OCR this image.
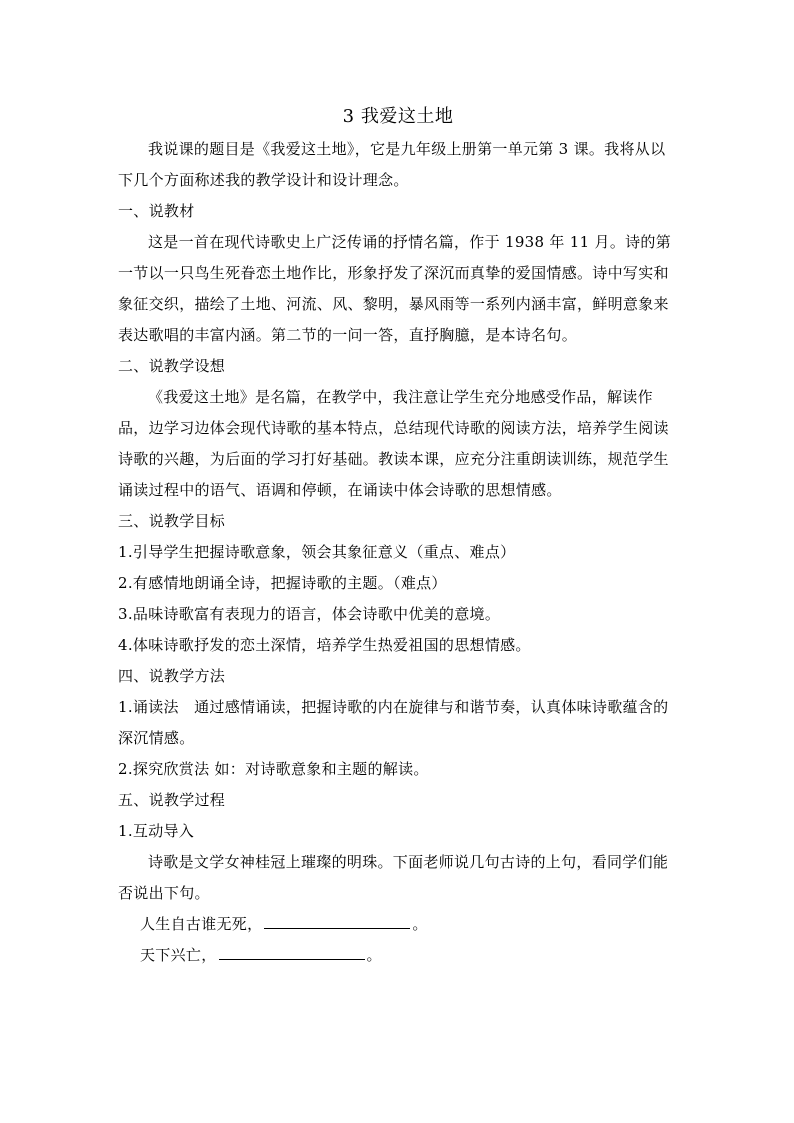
3 我爱这土地

我说课的题目是《我爱这土地》，它是九年级上册第一单元第 3 课。我将从以下几个方面称述我的教学设计和设计理念。

一、说教材

这是一首在现代诗歌史上广泛传诵的抒情名篇，作于 1938 年 11 月。诗的第一节以一只鸟生死眷恋土地作比，形象抒发了深沉而真挚的爱国情感。诗中写实和象征交织，描绘了土地、河流、风、黎明，暴风雨等一系列内涵丰富，鲜明意象来表达歌唱的丰富内涵。第二节的一问一答，直抒胸臆，是本诗名句。

二、说教学设想

《我爱这土地》是名篇，在教学中，我注意让学生充分地感受作品，解读作品，边学习边体会现代诗歌的基本特点，总结现代诗歌的阅读方法，培养学生阅读诗歌的兴趣，为后面的学习打好基础。教读本课，应充分注重朗读训练，规范学生诵读过程中的语气、语调和停顿，在诵读中体会诗歌的思想情感。

三、说教学目标

1.引导学生把握诗歌意象，领会其象征意义（重点、难点）

2.有感情地朗诵全诗，把握诗歌的主题。（难点）

3.品味诗歌富有表现力的语言，体会诗歌中优美的意境。

4.体味诗歌抒发的恋土深情，培养学生热爱祖国的思想情感。

四、说教学方法

1.诵读法　通过感情诵读，把握诗歌的内在旋律与和谐节奏，认真体味诗歌蕴含的深沉情感。

2.探究欣赏法 如：对诗歌意象和主题的解读。

五、说教学过程

1.互动导入

诗歌是文学女神桂冠上璀璨的明珠。下面老师说几句古诗的上句，看同学们能否说出下句。

人生自古谁无死，	。

天下兴亡，	。
